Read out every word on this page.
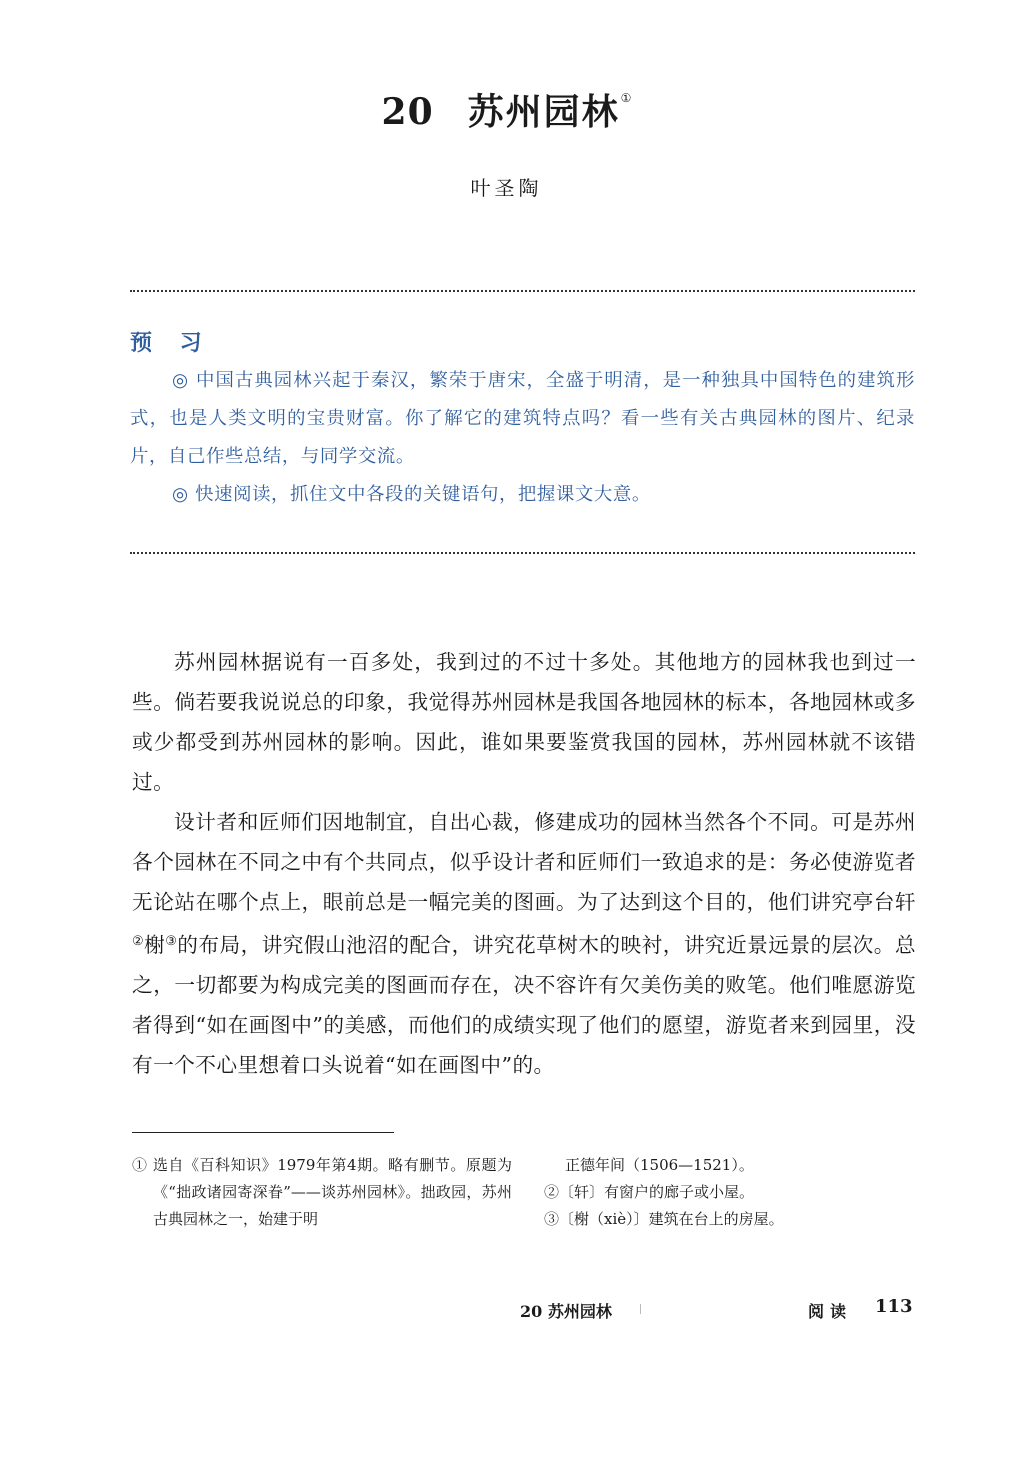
20 苏州园林①
叶圣陶
预 习

◎ 中国古典园林兴起于秦汉，繁荣于唐宋，全盛于明清，是一种独具中国特色的建筑形式，也是人类文明的宝贵财富。你了解它的建筑特点吗？看一些有关古典园林的图片、纪录片，自己作些总结，与同学交流。

◎ 快速阅读，抓住文中各段的关键语句，把握课文大意。

苏州园林据说有一百多处，我到过的不过十多处。其他地方的园林我也到过一些。倘若要我说说总的印象，我觉得苏州园林是我国各地园林的标本，各地园林或多或少都受到苏州园林的影响。因此，谁如果要鉴赏我国的园林，苏州园林就不该错过。

设计者和匠师们因地制宜，自出心裁，修建成功的园林当然各个不同。可是苏州各个园林在不同之中有个共同点，似乎设计者和匠师们一致追求的是：务必使游览者无论站在哪个点上，眼前总是一幅完美的图画。为了达到这个目的，他们讲究亭台轩②榭③的布局，讲究假山池沼的配合，讲究花草树木的映衬，讲究近景远景的层次。总之，一切都要为构成完美的图画而存在，决不容许有欠美伤美的败笔。他们唯愿游览者得到“如在画图中”的美感，而他们的成绩实现了他们的愿望，游览者来到园里，没有一个不心里想着口头说着“如在画图中”的。

① 选自《百科知识》1979年第4期。略有删节。原题为《“拙政诸园寄深眷”——谈苏州园林》。拙政园，苏州古典园林之一，始建于明
正德年间（1506—1521）。
②〔轩〕有窗户的廊子或小屋。
③〔榭（xiè）〕建筑在台上的房屋。
20 苏州园林	阅读 113
